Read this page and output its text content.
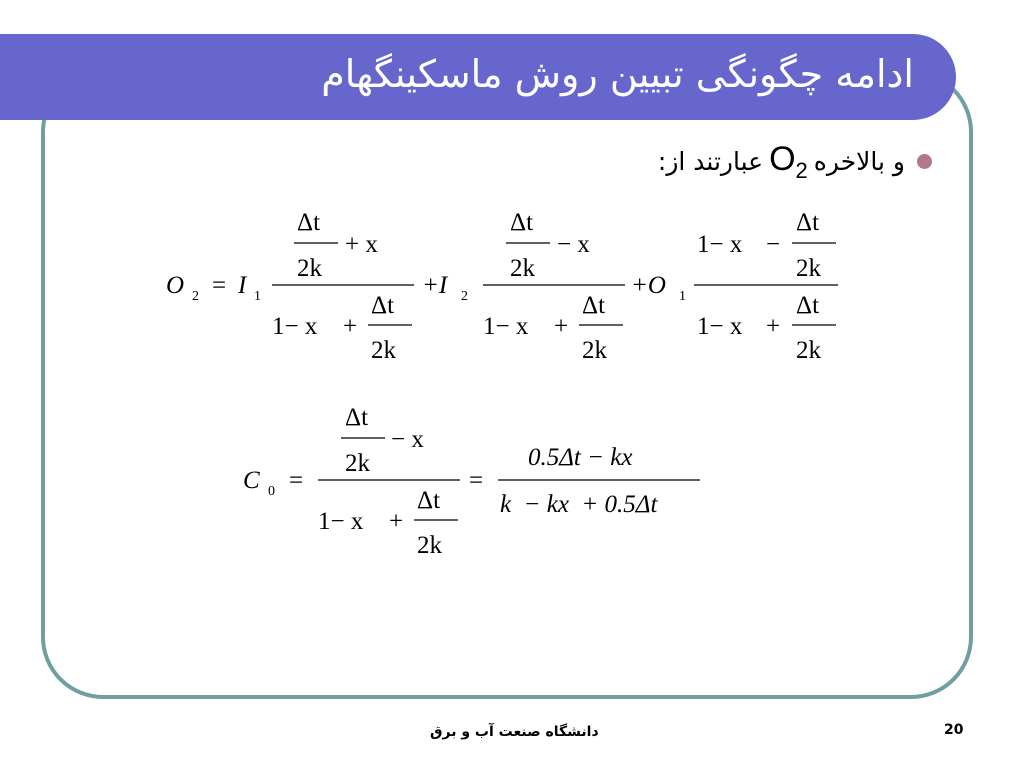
ادامه چگونگی تبیین روش ماسکینگهام
و بالاخره
$O_2$
عبارتند از:
O 2 = I 1
Δt
2k
+ x
1− x +
Δt
2k
+I 2
Δt
2k
− x
1− x +
Δt
2k
+O 1
1− x −
Δt
2k
1− x +
Δt
2k
C 0 =
Δt
2k
− x
1− x +
Δt
2k
=
0.5Δt − kx
k  − kx  + 0.5Δt
دانشگاه صنعت آب و برق	20
